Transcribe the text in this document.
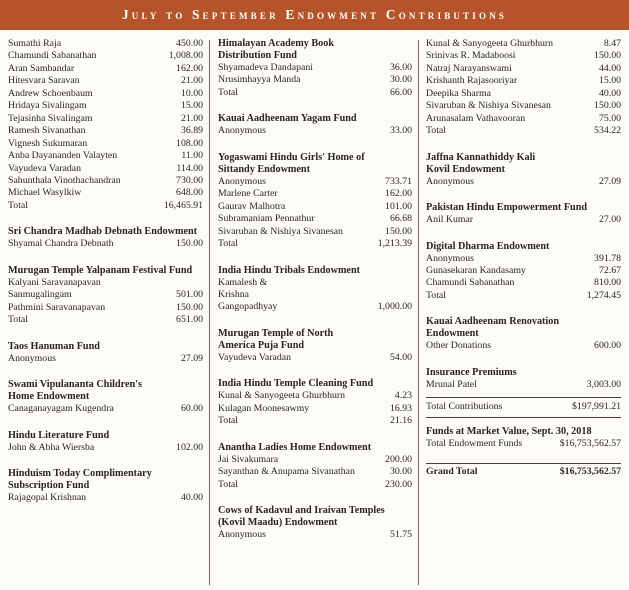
July to September Endowment Contributions
Sumathi Raja	450.00
Chamundi Sabanathan	1,008.00
Aran Sambandar	162.00
Hitesvara Saravan	21.00
Andrew Schoenbaum	10.00
Hridaya Sivalingam	15.00
Tejasinha Sivalingam	21.00
Ramesh Sivanathan	36.89
Vignesh Sukumaran	108.00
Anba Dayananden Valayten	11.00
Vayudeva Varadan	114.00
Sahunthala Vinothachandran	730.00
Michael Wasylkiw	648.00
Total	16,465.91
Sri Chandra Madhab Debnath Endowment
Shyamal Chandra Debnath	150.00
Murugan Temple Yalpanam Festival Fund
Kalyani Saravanapavan Sanmugalingam	501.00
Pathmini Saravanapavan	150.00
Total	651.00
Taos Hanuman Fund
Anonymous	27.09
Swami Vipulananta Children's Home Endowment
Canaganayagam Kugendra	60.00
Hindu Literature Fund
John & Abha Wiersba	102.00
Hinduism Today Complimentary Subscription Fund
Rajagopal Krishnan	40.00
Himalayan Academy Book Distribution Fund
Shyamadeva Dandapani	36.00
Nrusimhayya Manda	30.00
Total	66.00
Kauai Aadheenam Yagam Fund
Anonymous	33.00
Yogaswami Hindu Girls' Home of Sittandy Endowment
Anonymous	733.71
Marlene Carter	162.00
Gaurav Malhotra	101.00
Subramaniam Pennathur	66.68
Sivaruban & Nishiya Sivanesan	150.00
Total	1,213.39
India Hindu Tribals Endowment
Kamalesh & Krishna Gangopadhyay	1,000.00
Murugan Temple of North America Puja Fund
Vayudeva Varadan	54.00
India Hindu Temple Cleaning Fund
Kunal & Sanyogeeta Ghurbhurn	4.23
Kulagan Moonesawmy	16.93
Total	21.16
Anantha Ladies Home Endowment
Jai Sivakumara	200.00
Sayanthan & Anupama Sivanathan	30.00
Total	230.00
Cows of Kadavul and Iraivan Temples (Kovil Maadu) Endowment
Anonymous	51.75
Kunal & Sanyogeeta Ghurbhurn	8.47
Srinivas R. Madaboosi	150.00
Natraj Narayanswami	44.00
Krishanth Rajasooriyar	15.00
Deepika Sharma	40.00
Sivaruban & Nishiya Sivanesan	150.00
Arunasalam Vathavooran	75.00
Total	534.22
Jaffna Kannathiddy Kali Kovil Endowment
Anonymous	27.09
Pakistan Hindu Empowerment Fund
Anil Kumar	27.00
Digital Dharma Endowment
Anonymous	391.78
Gunasekaran Kandasamy	72.67
Chamundi Sabanathan	810.00
Total	1,274.45
Kauai Aadheenam Renovation Endowment
Other Donations	600.00
Insurance Premiums
Mrunal Patel	3,003.00
Total Contributions	$197,991.21
Funds at Market Value, Sept. 30, 2018
Total Endowment Funds	$16,753,562.57
Grand Total	$16,753,562.57
